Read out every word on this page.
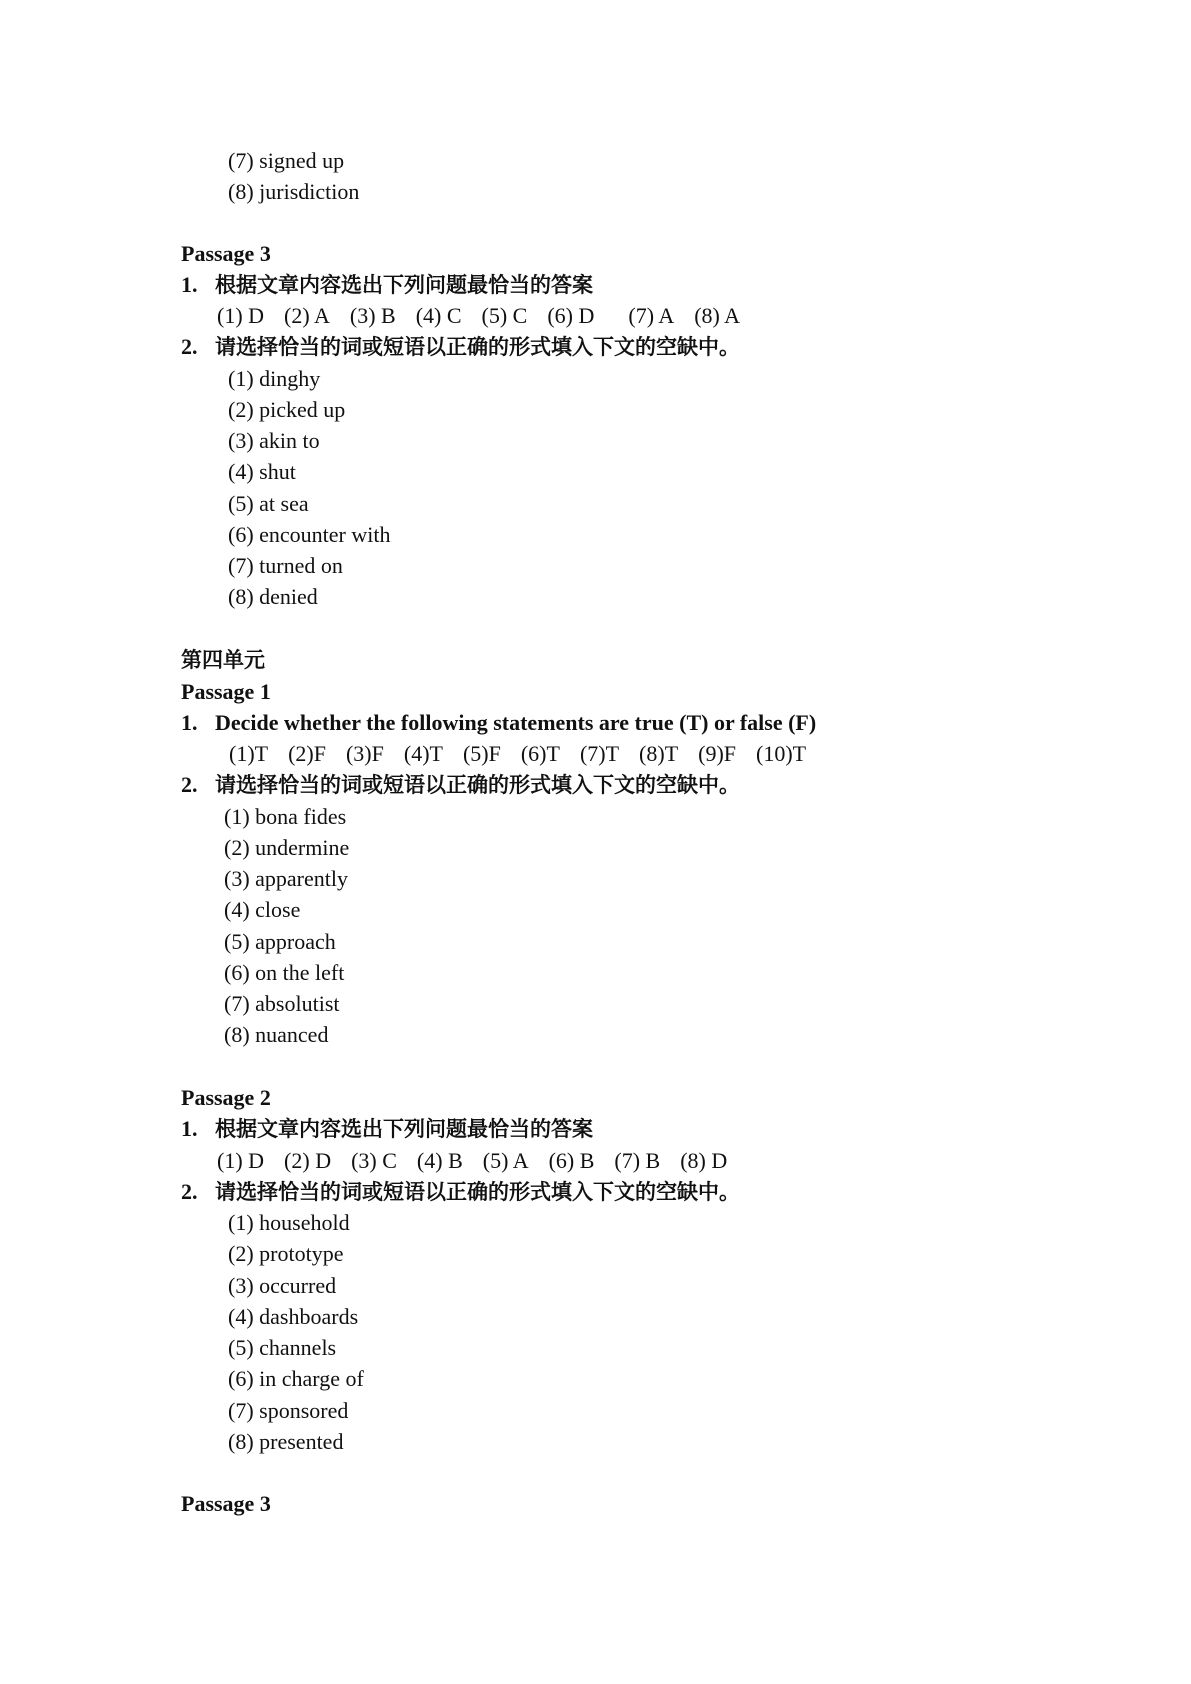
(7) signed up
(8) jurisdiction
Passage 3
1. 根据文章内容选出下列问题最恰当的答案
(1) D (2) A (3) B (4) C (5) C (6) D (7) A (8) A
2. 请选择恰当的词或短语以正确的形式填入下文的空缺中。
(1) dinghy
(2) picked up
(3) akin to
(4) shut
(5) at sea
(6) encounter with
(7) turned on
(8) denied
第四单元
Passage 1
1. Decide whether the following statements are true (T) or false (F)
(1)T (2)F (3)F (4)T (5)F (6)T (7)T (8)T (9)F (10)T
2. 请选择恰当的词或短语以正确的形式填入下文的空缺中。
(1) bona fides
(2) undermine
(3) apparently
(4) close
(5) approach
(6) on the left
(7) absolutist
(8) nuanced
Passage 2
1. 根据文章内容选出下列问题最恰当的答案
(1) D (2) D (3) C (4) B (5) A (6) B (7) B (8) D
2. 请选择恰当的词或短语以正确的形式填入下文的空缺中。
(1) household
(2) prototype
(3) occurred
(4) dashboards
(5) channels
(6) in charge of
(7) sponsored
(8) presented
Passage 3
